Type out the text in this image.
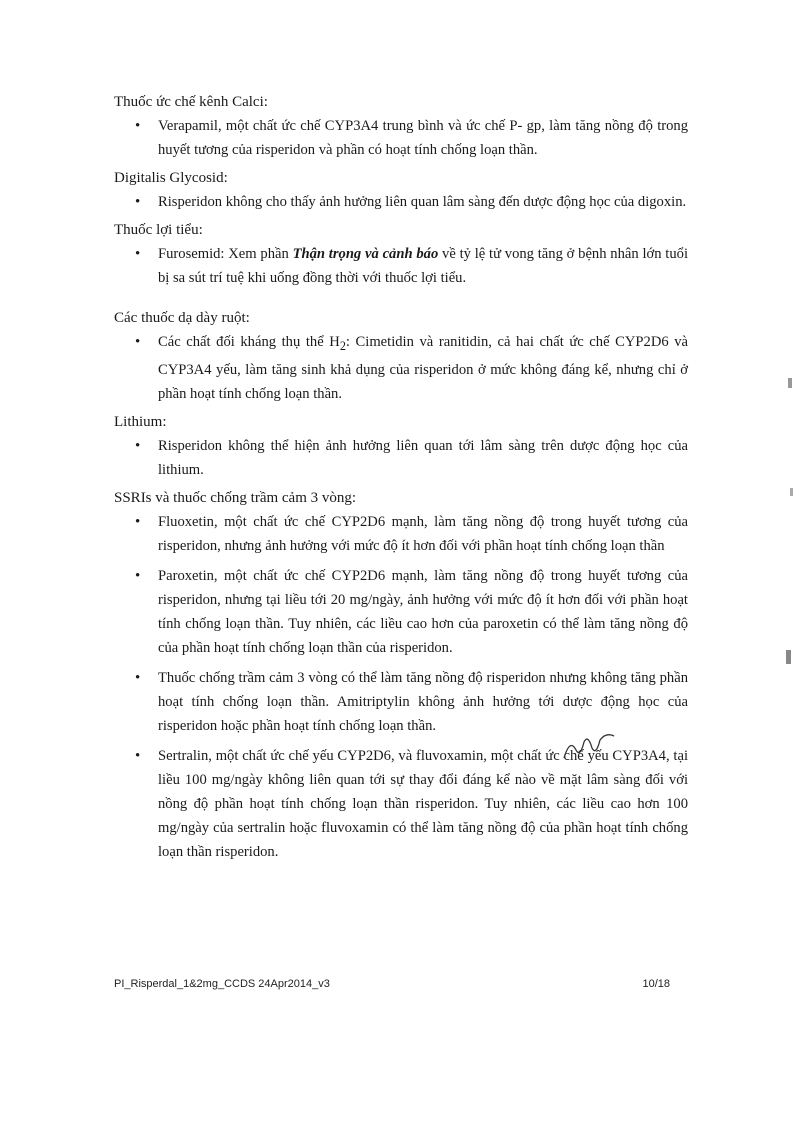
Thuốc ức chế kênh Calci:
• Verapamil, một chất ức chế CYP3A4 trung bình và ức chế P- gp, làm tăng nồng độ trong huyết tương của risperidon và phần có hoạt tính chống loạn thần.
Digitalis Glycosid:
• Risperidon không cho thấy ảnh hưởng liên quan lâm sàng đến dược động học của digoxin.
Thuốc lợi tiểu:
• Furosemid: Xem phần Thận trọng và cảnh báo về tỷ lệ tử vong tăng ở bệnh nhân lớn tuổi bị sa sút trí tuệ khi uống đồng thời với thuốc lợi tiểu.
Các thuốc dạ dày ruột:
• Các chất đối kháng thụ thể $H_2$: Cimetidin và ranitidin, cả hai chất ức chế CYP2D6 và CYP3A4 yếu, làm tăng sinh khả dụng của risperidon ở mức không đáng kể, nhưng chỉ ở phần hoạt tính chống loạn thần.
Lithium:
• Risperidon không thể hiện ảnh hưởng liên quan tới lâm sàng trên dược động học của lithium.
SSRIs và thuốc chống trầm cảm 3 vòng:
• Fluoxetin, một chất ức chế CYP2D6 mạnh, làm tăng nồng độ trong huyết tương của risperidon, nhưng ảnh hưởng với mức độ ít hơn đối với phần hoạt tính chống loạn thần
• Paroxetin, một chất ức chế CYP2D6 mạnh, làm tăng nồng độ trong huyết tương của risperidon, nhưng tại liều tới 20 mg/ngày, ảnh hưởng với mức độ ít hơn đối với phần hoạt tính chống loạn thần. Tuy nhiên, các liều cao hơn của paroxetin có thể làm tăng nồng độ của phần hoạt tính chống loạn thần của risperidon.
• Thuốc chống trầm cảm 3 vòng có thể làm tăng nồng độ risperidon nhưng không tăng phần hoạt tính chống loạn thần. Amitriptylin không ảnh hưởng tới dược động học của risperidon hoặc phần hoạt tính chống loạn thần.
• Sertralin, một chất ức chế yếu CYP2D6, và fluvoxamin, một chất ức chế yếu CYP3A4, tại liều 100 mg/ngày không liên quan tới sự thay đổi đáng kể nào về mặt lâm sàng đối với nồng độ phần hoạt tính chống loạn thần risperidon. Tuy nhiên, các liều cao hơn 100 mg/ngày của sertralin hoặc fluvoxamin có thể làm tăng nồng độ của phần hoạt tính chống loạn thần risperidon.
PI_Risperdal_1&2mg_CCDS 24Apr2014_v3	10/18
